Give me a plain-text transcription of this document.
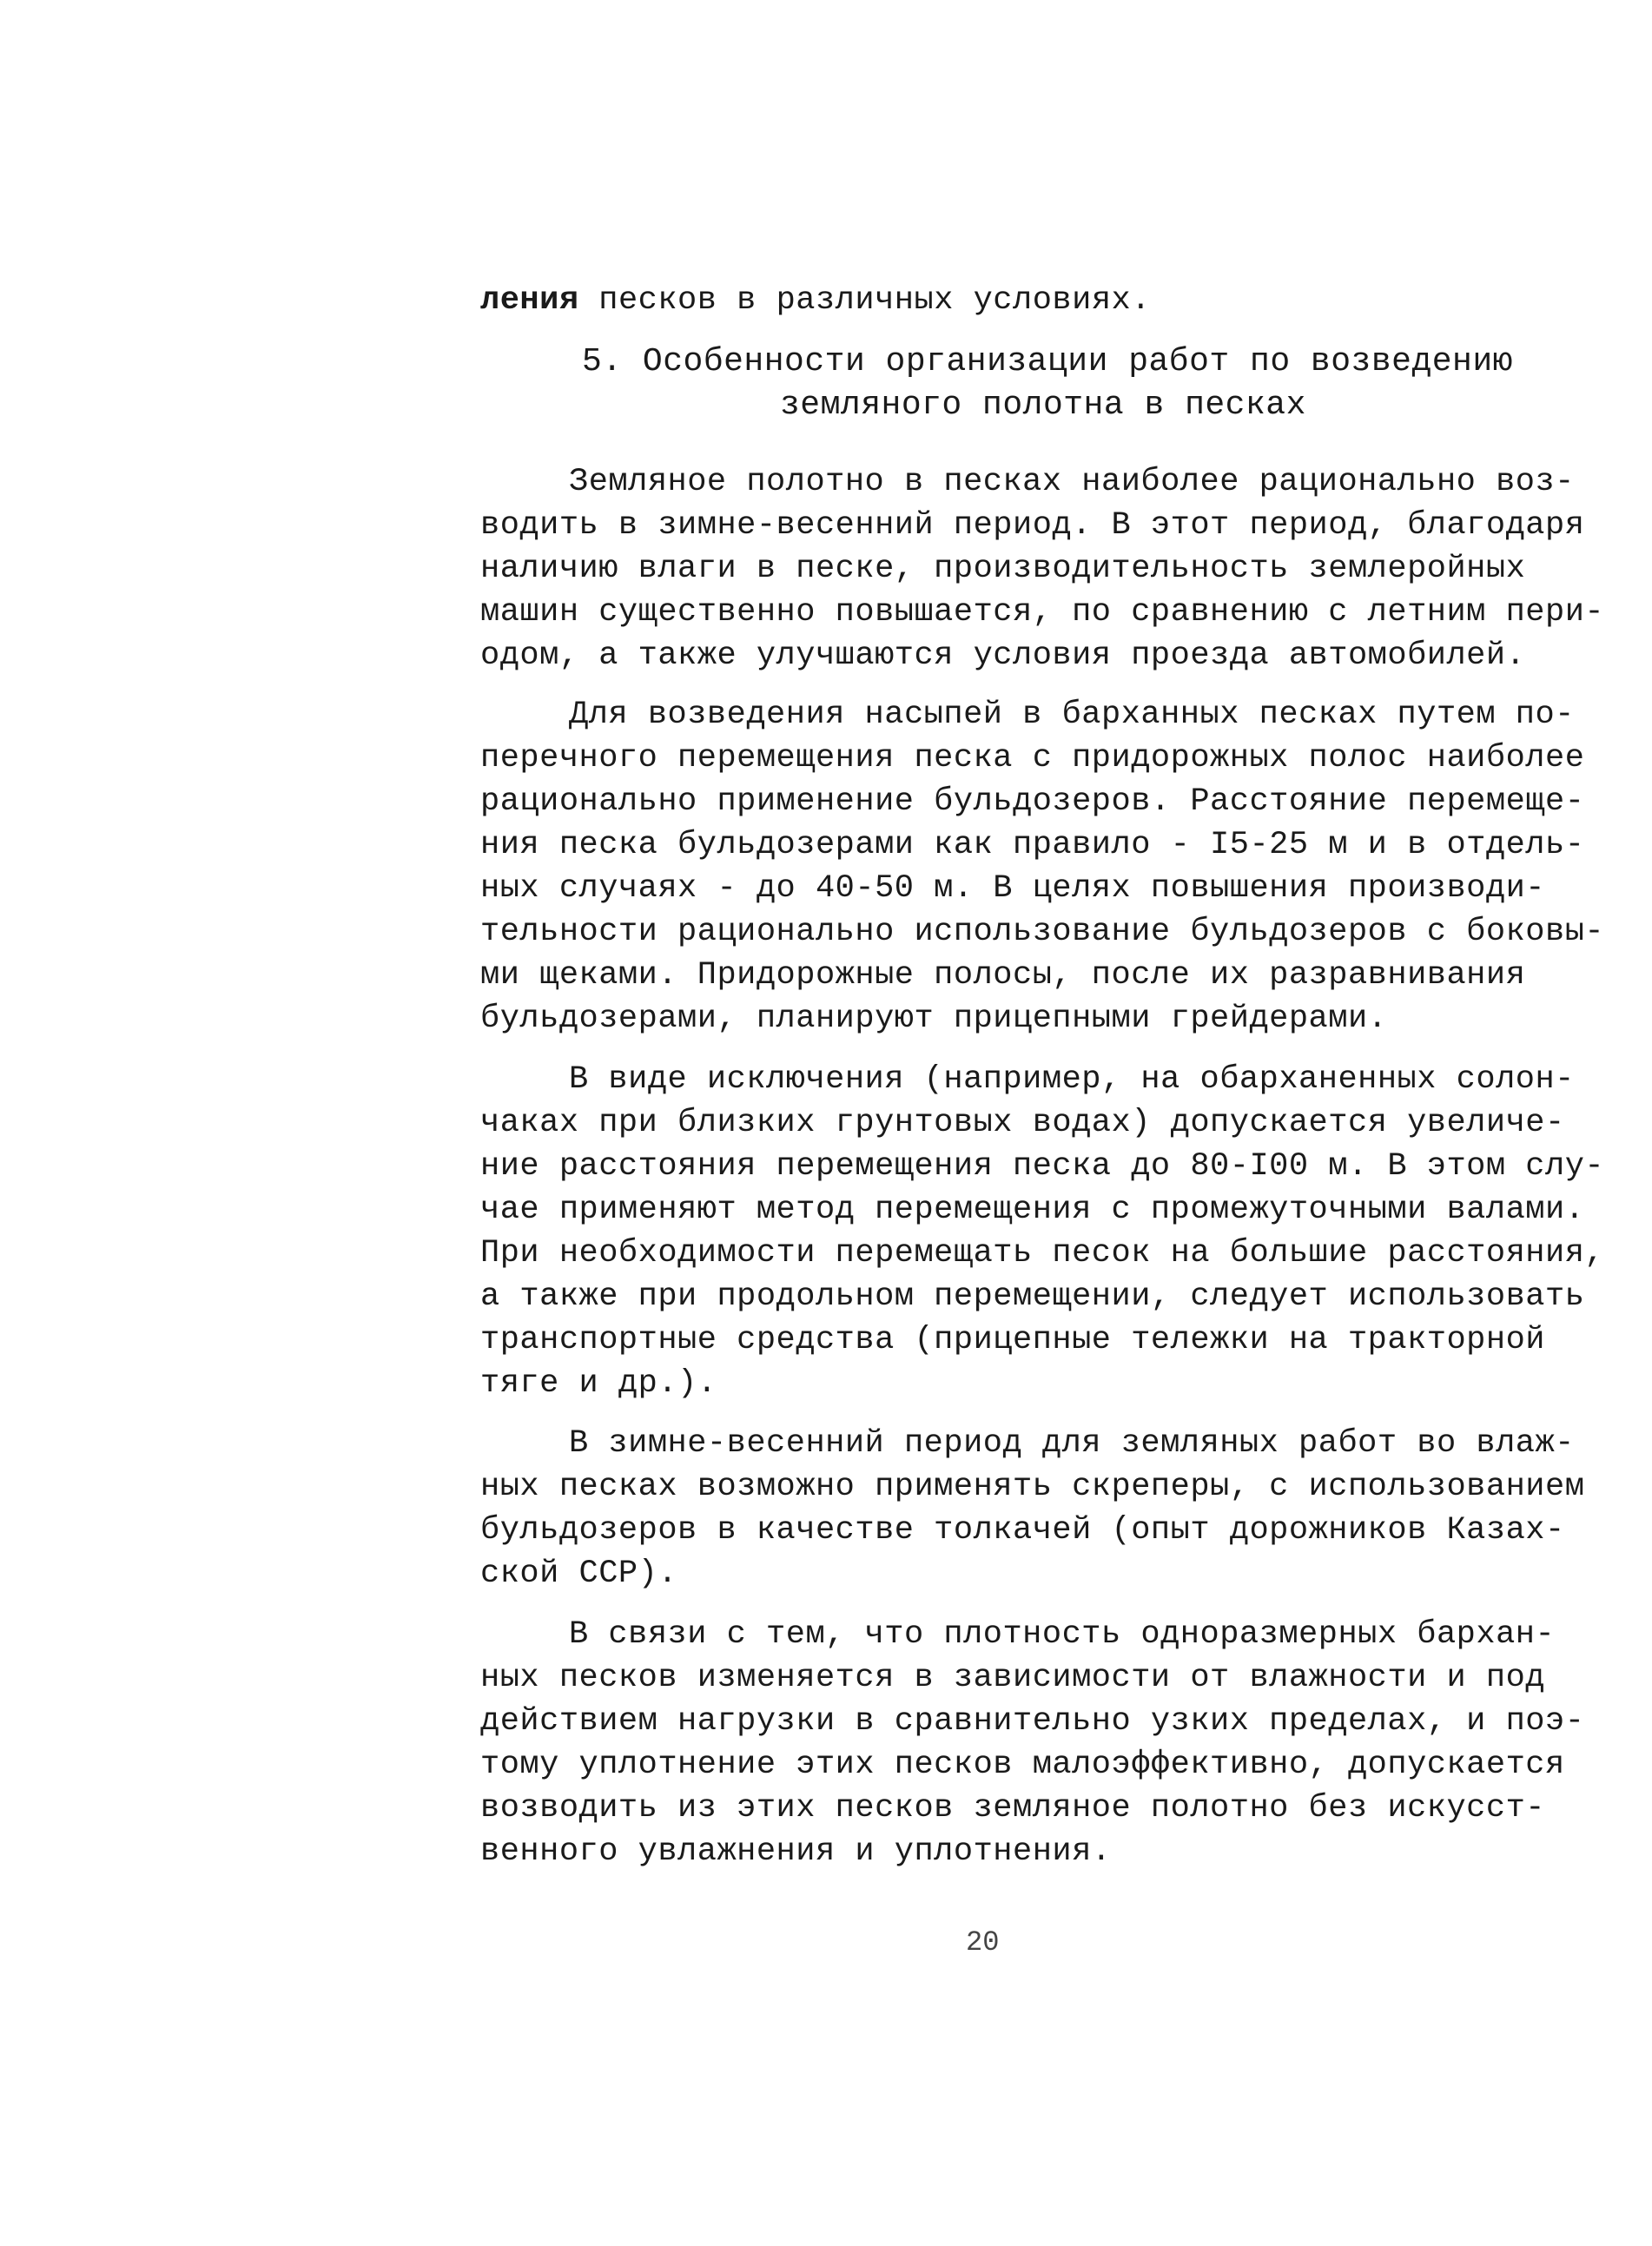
ления песков в различных условиях.
5. Особенности организации работ по возведению
земляного полотна в песках
Земляное полотно в песках наиболее рационально воз-
водить в зимне-весенний период. В этот период, благодаря
наличию влаги в песке, производительность землеройных
машин существенно повышается, по сравнению с летним пери-
одом, а также улучшаются условия проезда автомобилей.
Для возведения насыпей в барханных песках путем по-
перечного перемещения песка с придорожных полос наиболее
рационально применение бульдозеров. Расстояние перемеще-
ния песка бульдозерами как правило - I5-25 м и в отдель-
ных случаях - до 40-50 м. В целях повышения производи-
тельности рационально использование бульдозеров с боковы-
ми щеками. Придорожные полосы, после их разравнивания
бульдозерами, планируют прицепными грейдерами.
В виде исключения (например, на обарханенных солон-
чаках при близких грунтовых водах) допускается увеличе-
ние расстояния перемещения песка до 80-I00 м. В этом слу-
чае применяют метод перемещения с промежуточными валами.
При необходимости перемещать песок на большие расстояния,
а также при продольном перемещении, следует использовать
транспортные средства (прицепные тележки на тракторной
тяге и др.).
В зимне-весенний период для земляных работ во влаж-
ных песках возможно применять скреперы, с использованием
бульдозеров в качестве толкачей (опыт дорожников Казах-
ской ССР).
В связи с тем, что плотность одноразмерных бархан-
ных песков изменяется в зависимости от влажности и под
действием нагрузки в сравнительно узких пределах, и поэ-
тому уплотнение этих песков малоэффективно, допускается
возводить из этих песков земляное полотно без искусст-
венного увлажнения и уплотнения.
20
